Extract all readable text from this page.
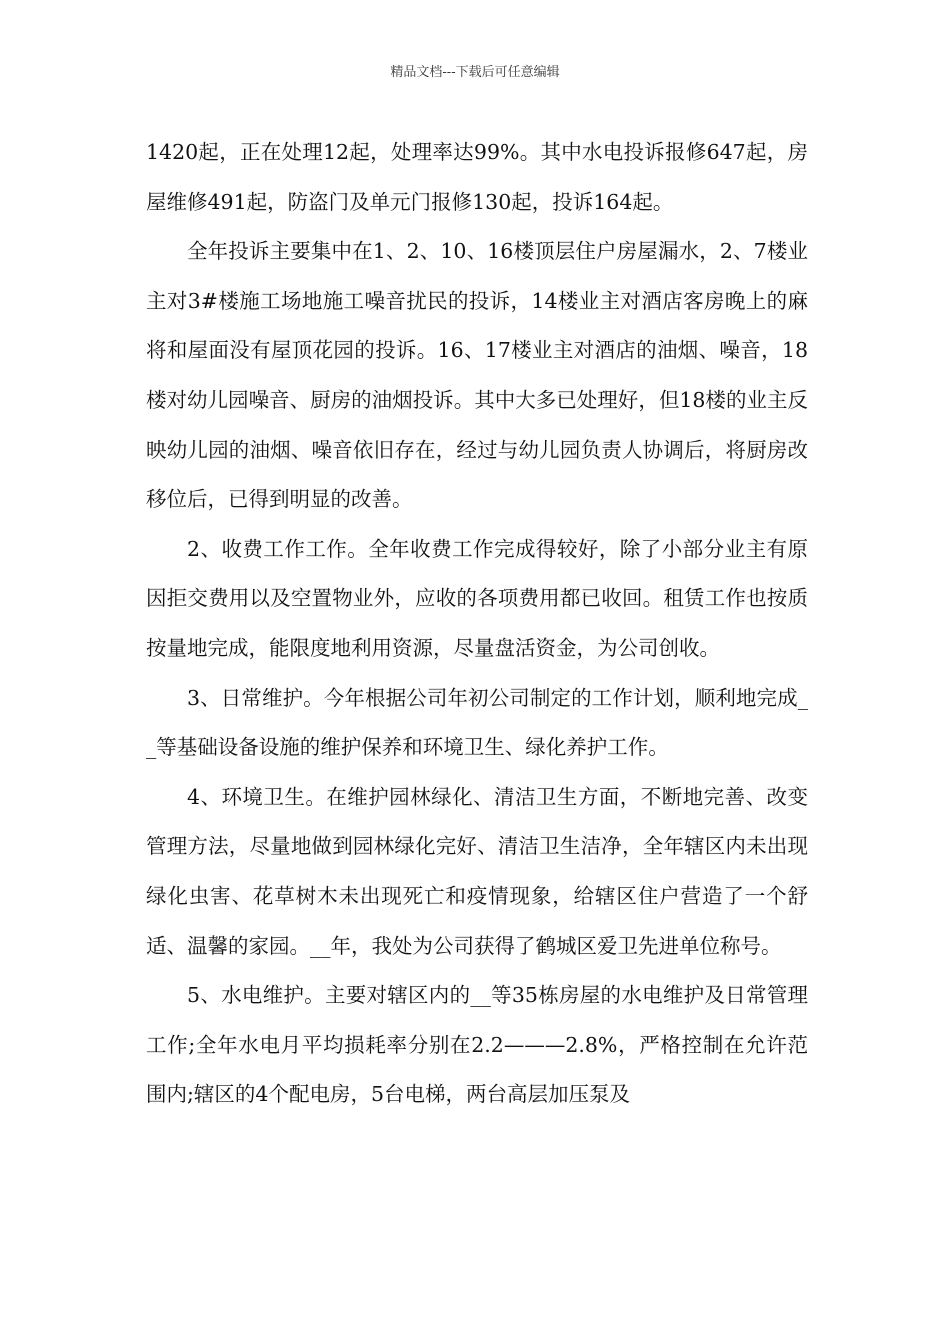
精品文档---下载后可任意编辑

1420起，正在处理12起，处理率达99%。其中水电投诉报修647起，房屋维修491起，防盗门及单元门报修130起，投诉164起。

全年投诉主要集中在1、2、10、16楼顶层住户房屋漏水，2、7楼业主对3#楼施工场地施工噪音扰民的投诉，14楼业主对酒店客房晚上的麻将和屋面没有屋顶花园的投诉。16、17楼业主对酒店的油烟、噪音，18楼对幼儿园噪音、厨房的油烟投诉。其中大多已处理好，但18楼的业主反映幼儿园的油烟、噪音依旧存在，经过与幼儿园负责人协调后，将厨房改移位后，已得到明显的改善。

2、收费工作工作。全年收费工作完成得较好，除了小部分业主有原因拒交费用以及空置物业外，应收的各项费用都已收回。租赁工作也按质按量地完成，能限度地利用资源，尽量盘活资金，为公司创收。

3、日常维护。今年根据公司年初公司制定的工作计划，顺利地完成__等基础设备设施的维护保养和环境卫生、绿化养护工作。

4、环境卫生。在维护园林绿化、清洁卫生方面，不断地完善、改变管理方法，尽量地做到园林绿化完好、清洁卫生洁净，全年辖区内未出现绿化虫害、花草树木未出现死亡和疫情现象，给辖区住户营造了一个舒适、温馨的家园。__年，我处为公司获得了鹤城区爱卫先进单位称号。

5、水电维护。主要对辖区内的__等35栋房屋的水电维护及日常管理工作;全年水电月平均损耗率分别在2.2———2.8%，严格控制在允许范围内;辖区的4个配电房，5台电梯，两台高层加压泵及
